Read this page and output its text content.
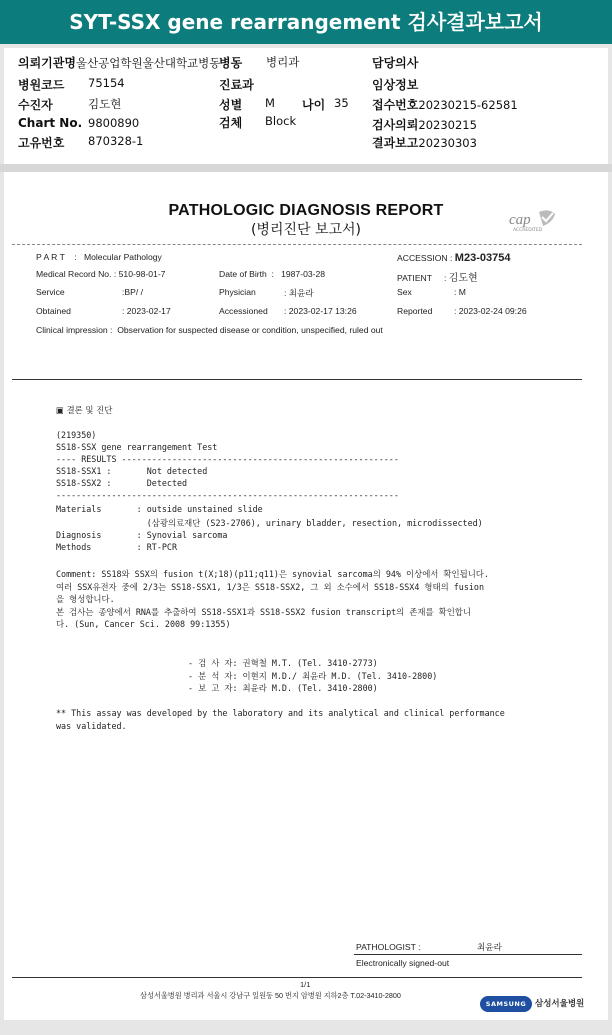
SYT-SSX gene rearrangement 검사결과보고서
의뢰기관명울산공업학원울산대학교병동
병동 병리과	담당의사
병원코드 75154	진료과	임상정보
수진자	김도현	성별 M 나이 35 접수번호20230215-62581
Chart No. 9800890	검체 Block	검사의뢰20230215
고유번호 870328-1	결과보고20230303
PATHOLOGIC DIAGNOSIS REPORT
(병리진단 보고서)
cap
ACCREDITED
P A R T    :   Molecular Pathology	ACCESSION : M23-03754
Medical Record No. : 510-98-01-7	Date of Birth  :   1987-03-28	PATIENT     : 김도현
Service	:BP/ /	Physician	: 최윤라	Sex	: M
Obtained	: 2023-02-17	Accessioned : 2023-02-17 13:26	Reported	: 2023-02-24 09:26
Clinical impression :  Observation for suspected disease or condition, unspecified, ruled out
▣ 결론 및 진단
(219350)
SS18-SSX gene rearrangement Test
---- RESULTS -------------------------------------------------------
SS18-SSX1 :       Not detected
SS18-SSX2 :       Detected
--------------------------------------------------------------------
Materials       : outside unstained slide
(삼광의료재단 (S23-2706), urinary bladder, resection, microdissected)
Diagnosis       : Synovial sarcoma
Methods         : RT-PCR
Comment: SS18와 SSX의 fusion t(X;18)(p11;q11)은 synovial sarcoma의 94% 이상에서 확인됩니다.
여러 SSX유전자 중에 2/3는 SS18-SSX1, 1/3은 SS18-SSX2, 그 외 소수에서 SS18-SSX4 형태의 fusion
을 형성합니다.
본 검사는 종양에서 RNA를 추출하여 SS18-SSX1과 SS18-SSX2 fusion transcript의 존재를 확인합니
다. (Sun, Cancer Sci. 2008 99:1355)
- 검 사 자: 권혁철 M.T. (Tel. 3410-2773)
- 분 석 자: 이현지 M.D./ 최윤라 M.D. (Tel. 3410-2800)
- 보 고 자: 최윤라 M.D. (Tel. 3410-2800)
** This assay was developed by the laboratory and its analytical and clinical performance
was validated.
PATHOLOGIST :	최윤라
Electronically signed-out
1/1
삼성서울병원 병리과 서울시 강남구 일원동 50 번지 암병원 지하2층 T.02-3410-2800
SAMSUNG	삼성서울병원
